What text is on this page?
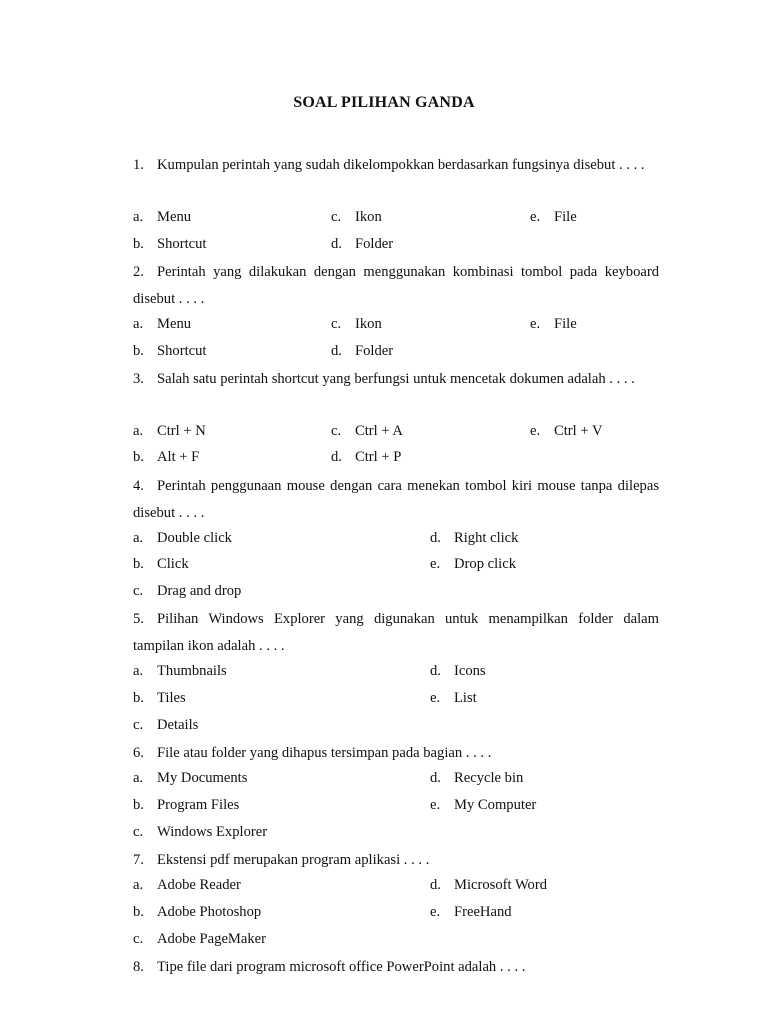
SOAL PILIHAN GANDA
1. Kumpulan perintah yang sudah dikelompokkan berdasarkan fungsinya disebut . . . .
a. Menu
b. Shortcut
c. Ikon
d. Folder
e. File
2. Perintah yang dilakukan dengan menggunakan kombinasi tombol pada keyboard disebut . . . .
a. Menu
b. Shortcut
c. Ikon
d. Folder
e. File
3. Salah satu perintah shortcut yang berfungsi untuk mencetak dokumen adalah . . . .
a. Ctrl + N
b. Alt + F
c. Ctrl + A
d. Ctrl + P
e. Ctrl + V
4. Perintah penggunaan mouse dengan cara menekan tombol kiri mouse tanpa dilepas disebut . . . .
a. Double click
b. Click
c. Drag and drop
d. Right click
e. Drop click
5. Pilihan Windows Explorer yang digunakan untuk menampilkan folder dalam tampilan ikon adalah . . . .
a. Thumbnails
b. Tiles
c. Details
d. Icons
e. List
6. File atau folder yang dihapus tersimpan pada bagian . . . .
a. My Documents
b. Program Files
c. Windows Explorer
d. Recycle bin
e. My Computer
7. Ekstensi pdf merupakan program aplikasi . . . .
a. Adobe Reader
b. Adobe Photoshop
c. Adobe PageMaker
d. Microsoft Word
e. FreeHand
8. Tipe file dari program microsoft office PowerPoint adalah . . . .
